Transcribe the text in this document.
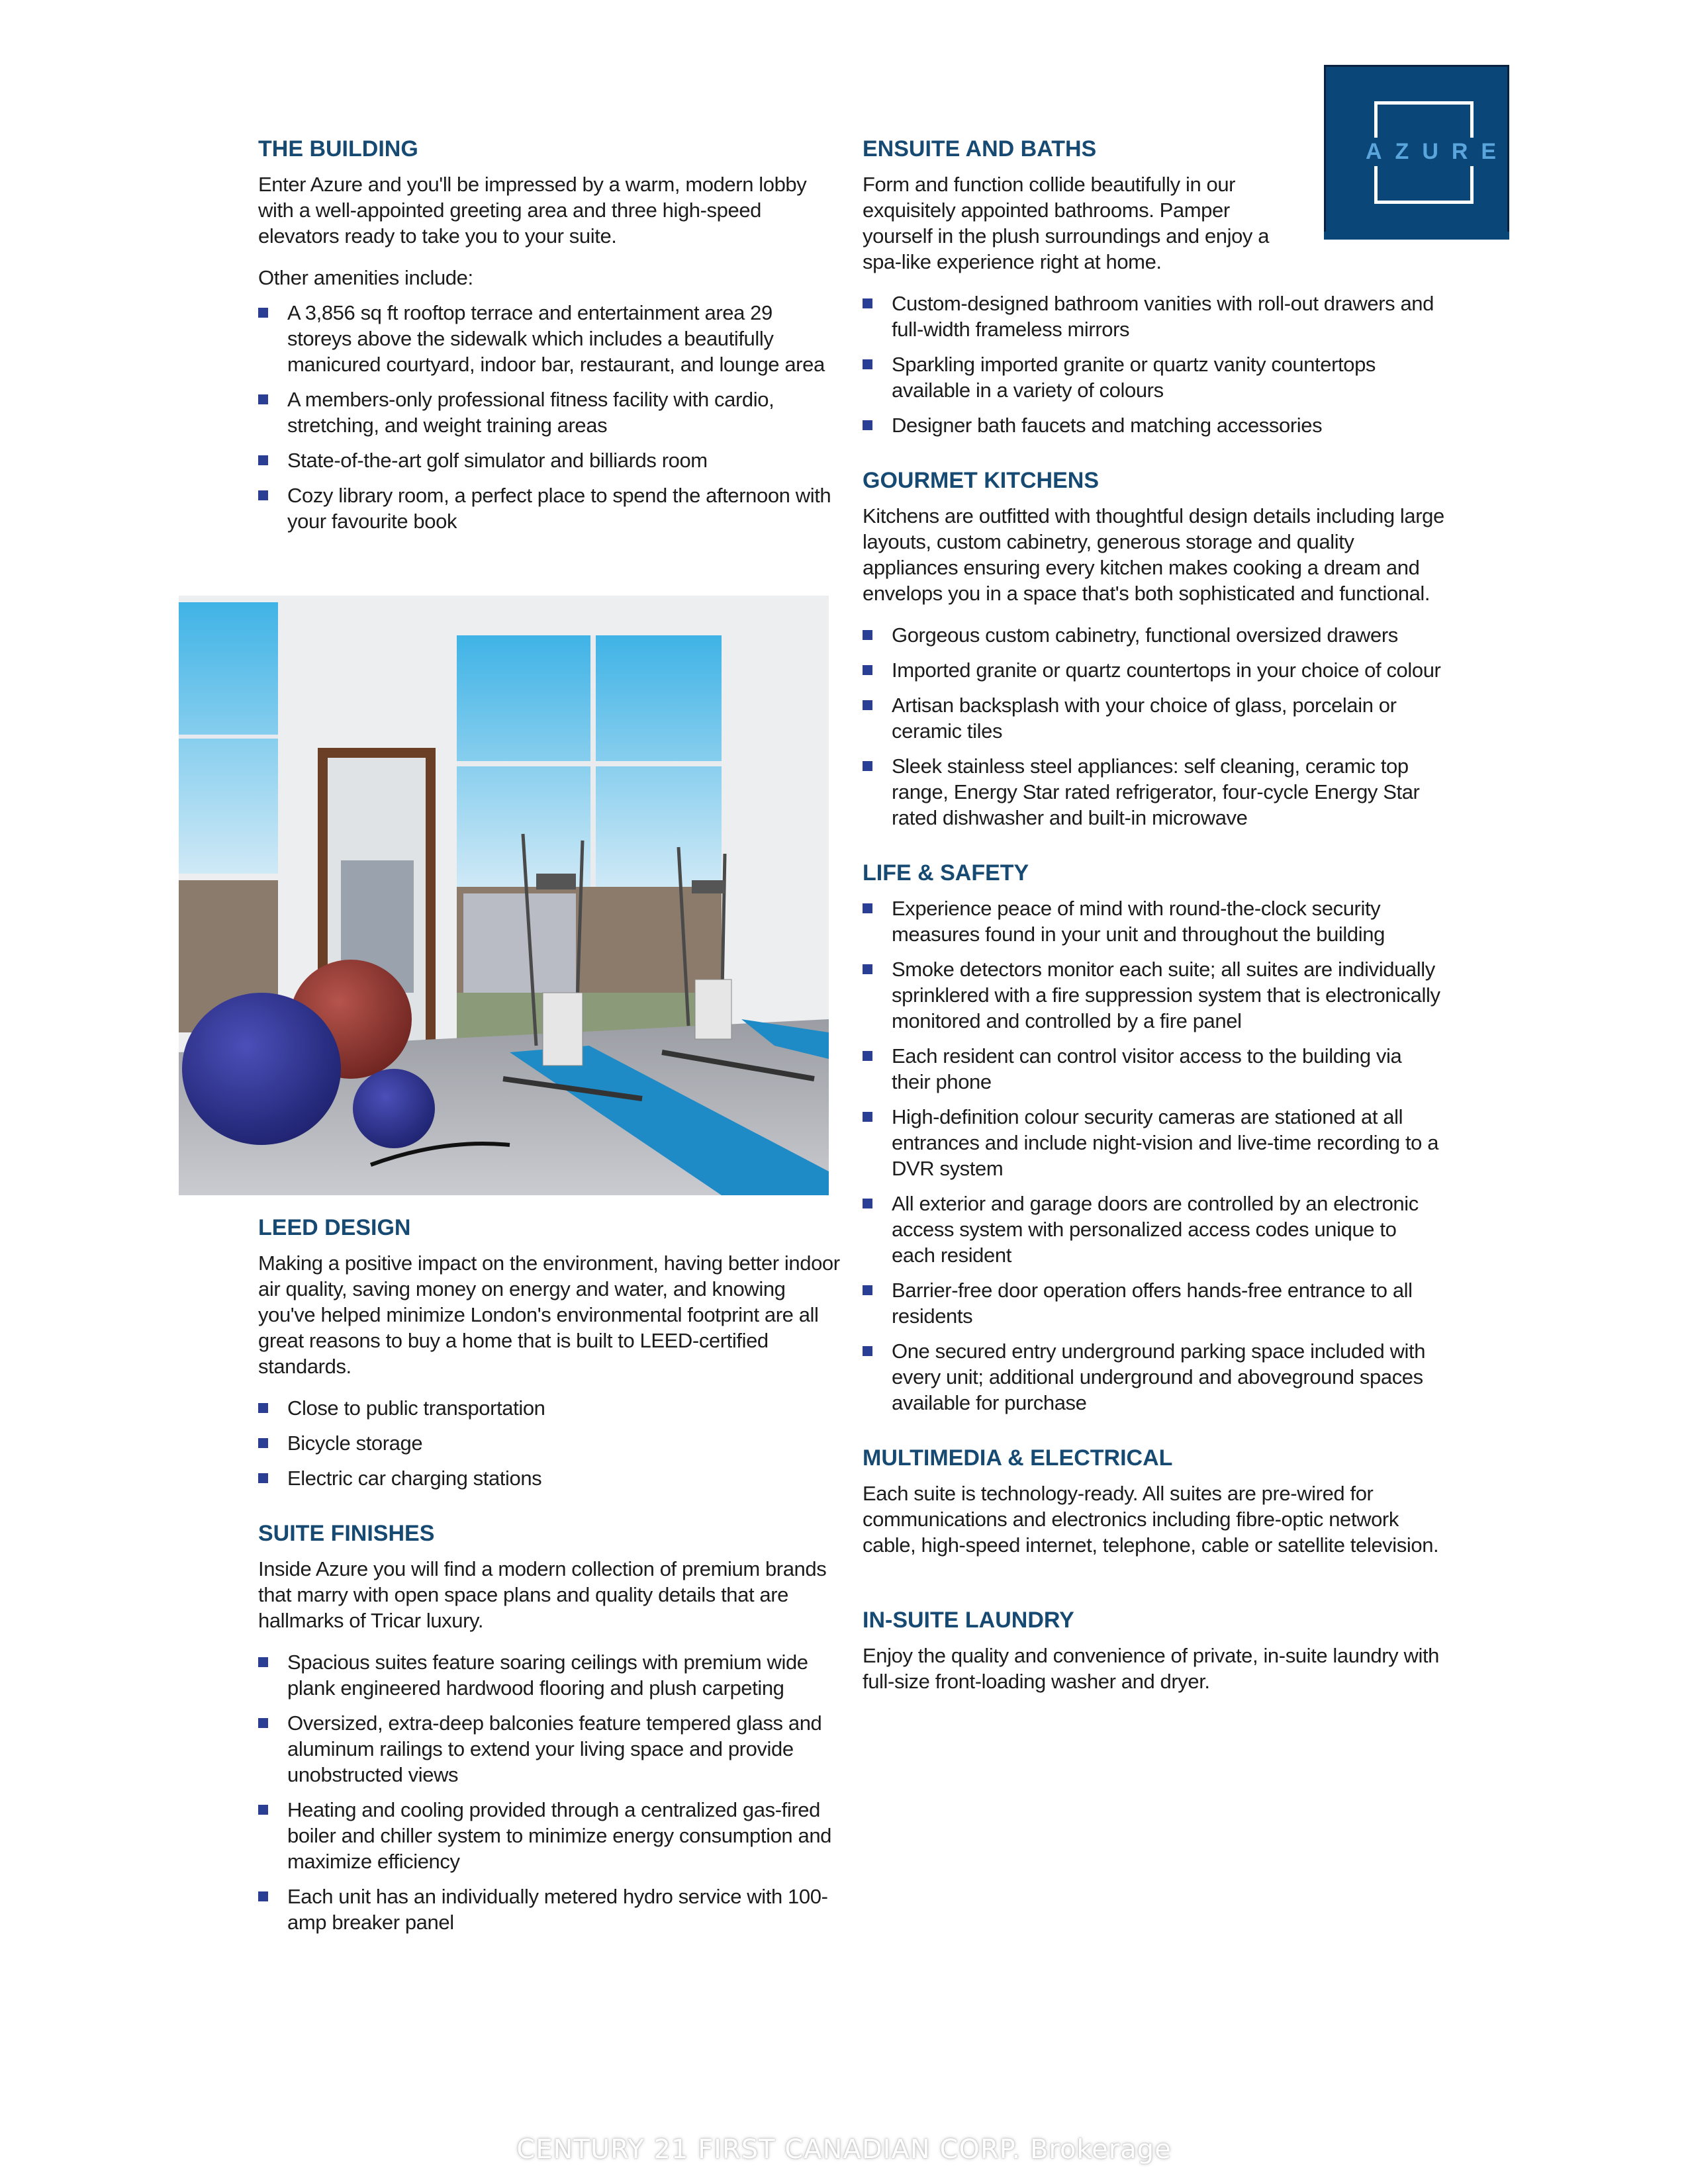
AZURE
THE BUILDING

Enter Azure and you'll be impressed by a warm, modern lobby with a well-appointed greeting area and three high-speed elevators ready to take you to your suite.

Other amenities include:

A 3,856 sq ft rooftop terrace and entertainment area 29 storeys above the sidewalk which includes a beautifully manicured courtyard, indoor bar, restaurant, and lounge area
A members-only professional fitness facility with cardio, stretching, and weight training areas
State-of-the-art golf simulator and billiards room
Cozy library room, a perfect place to spend the afternoon with your favourite book
LEED DESIGN

Making a positive impact on the environment, having better indoor air quality, saving money on energy and water, and knowing you've helped minimize London's environmental footprint are all great reasons to buy a home that is built to LEED-certified standards.

Close to public transportation
Bicycle storage
Electric car charging stations
SUITE FINISHES

Inside Azure you will find a modern collection of premium brands that marry with open space plans and quality details that are hallmarks of Tricar luxury.

Spacious suites feature soaring ceilings with premium wide plank engineered hardwood flooring and plush carpeting
Oversized, extra-deep balconies feature tempered glass and aluminum railings to extend your living space and provide unobstructed views
Heating and cooling provided through a centralized gas-fired boiler and chiller system to minimize energy consumption and maximize efficiency
Each unit has an individually metered hydro service with 100-amp breaker panel
ENSUITE AND BATHS

Form and function collide beautifully in our exquisitely appointed bathrooms. Pamper yourself in the plush surroundings and enjoy a spa-like experience right at home.

Custom-designed bathroom vanities with roll-out drawers and full-width frameless mirrors
Sparkling imported granite or quartz vanity countertops available in a variety of colours
Designer bath faucets and matching accessories
GOURMET KITCHENS

Kitchens are outfitted with thoughtful design details including large layouts, custom cabinetry, generous storage and quality appliances ensuring every kitchen makes cooking a dream and envelops you in a space that's both sophisticated and functional.

Gorgeous custom cabinetry, functional oversized drawers
Imported granite or quartz countertops in your choice of colour
Artisan backsplash with your choice of glass, porcelain or ceramic tiles
Sleek stainless steel appliances: self cleaning, ceramic top range, Energy Star rated refrigerator, four-cycle Energy Star rated dishwasher and built-in microwave
LIFE & SAFETY
Experience peace of mind with round-the-clock security measures found in your unit and throughout the building
Smoke detectors monitor each suite; all suites are individually sprinklered with a fire suppression system that is electronically monitored and controlled by a fire panel
Each resident can control visitor access to the building via their phone
High-definition colour security cameras are stationed at all entrances and include night-vision and live-time recording to a DVR system
All exterior and garage doors are controlled by an electronic access system with personalized access codes unique to each resident
Barrier-free door operation offers hands-free entrance to all residents
One secured entry underground parking space included with every unit; additional underground and aboveground spaces available for purchase
MULTIMEDIA & ELECTRICAL

Each suite is technology-ready. All suites are pre-wired for communications and electronics including fibre-optic network cable, high-speed internet, telephone, cable or satellite television.

IN-SUITE LAUNDRY

Enjoy the quality and convenience of private, in-suite laundry with full-size front-loading washer and dryer.

CENTURY 21 FIRST CANADIAN CORP. Brokerage
